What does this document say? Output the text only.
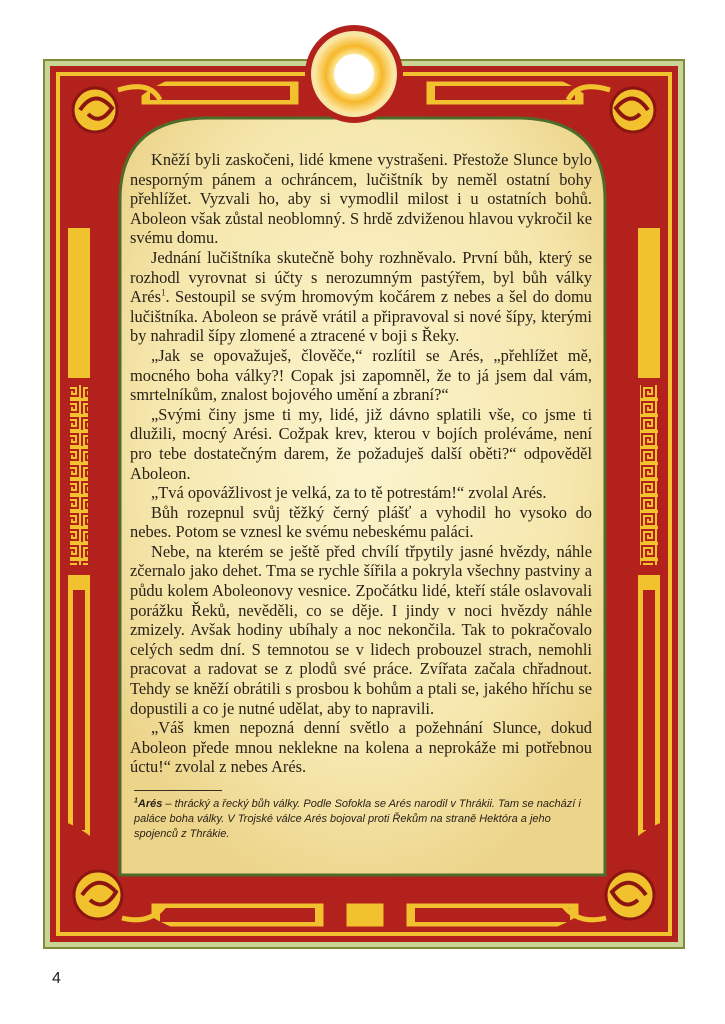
Kněží byli zaskočeni, lidé kmene vystrašeni. Přestože Slunce bylo nesporným pánem a ochráncem, lučištník by neměl ostatní bohy přehlížet. Vyzvali ho, aby si vymodlil milost i u ostatních bohů. Aboleon však zůstal neoblomný. S hrdě zdviženou hlavou vykročil ke svému domu.

Jednání lučištníka skutečně bohy rozhněvalo. První bůh, který se rozhodl vyrovnat si účty s nerozumným pastýřem, byl bůh války Arés$^1$. Sestoupil se svým hromovým kočárem z nebes a šel do domu lučištníka. Aboleon se právě vrátil a připravoval si nové šípy, kterými by nahradil šípy zlomené a ztracené v boji s Řeky.

„Jak se opovažuješ, člověče,“ rozlítil se Arés, „přehlížet mě, mocného boha války?! Copak jsi zapomněl, že to já jsem dal vám, smrtelníkům, znalost bojového umění a zbraní?“

„Svými činy jsme ti my, lidé, již dávno splatili vše, co jsme ti dlužili, mocný Arési. Cožpak krev, kterou v bojích proléváme, není pro tebe dostatečným darem, že požaduješ další oběti?“ odpověděl Aboleon.

„Tvá opovážlivost je velká, za to tě potrestám!“ zvolal Arés.

Bůh rozepnul svůj těžký černý plášť a vyhodil ho vysoko do nebes. Potom se vznesl ke svému nebeskému paláci.

Nebe, na kterém se ještě před chvílí třpytily jasné hvězdy, náhle zčernalo jako dehet. Tma se rychle šířila a pokryla všechny pastviny a půdu kolem Aboleonovy vesnice. Zpočátku lidé, kteří stále oslavovali porážku Řeků, nevěděli, co se děje. I jindy v noci hvězdy náhle zmizely. Avšak hodiny ubíhaly a noc nekončila. Tak to pokračovalo celých sedm dní. S temnotou se v lidech probouzel strach, nemohli pracovat a radovat se z plodů své práce. Zvířata začala chřadnout. Tehdy se kněží obrátili s prosbou k bohům a ptali se, jakého hříchu se dopustili a co je nutné udělat, aby to napravili.

„Váš kmen nepozná denní světlo a požehnání Slunce, dokud Aboleon přede mnou neklekne na kolena a neprokáže mi potřebnou úctu!“ zvolal z nebes Arés.

$^1$Arés – thrácký a řecký bůh války. Podle Sofokla se Arés narodil v Thrákii. Tam se nachází i palácе boha války. V Trojské válce Arés bojoval proti Řekům na straně Hektóra a jeho spojenců z Thrákie.

4
